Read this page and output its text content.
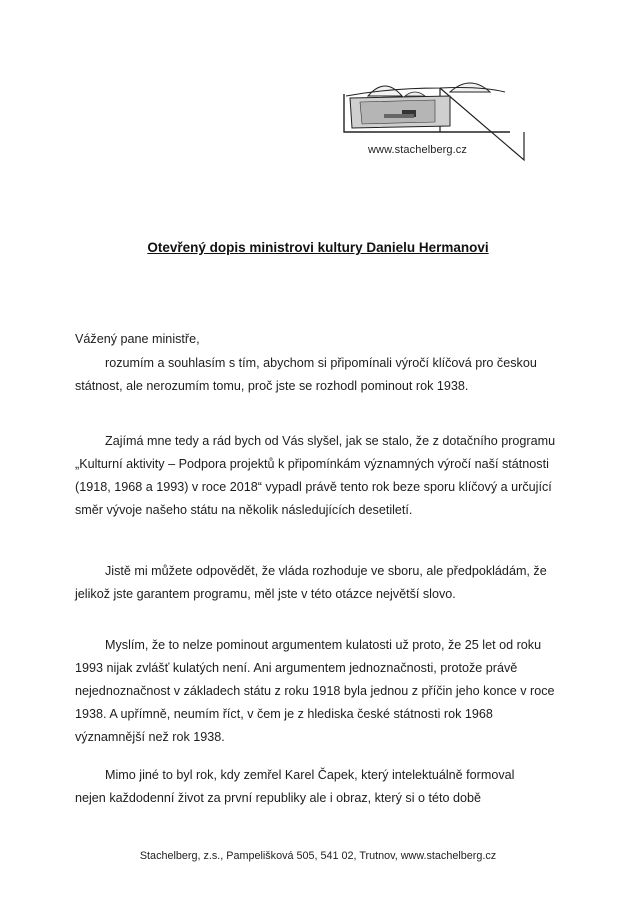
www.stachelberg.cz
Otevřený dopis ministrovi kultury Danielu Hermanovi
Vážený pane ministře,
rozumím a souhlasím s tím, abychom si připomínali výročí klíčová pro českou
státnost, ale nerozumím tomu, proč jste se rozhodl pominout rok 1938.
Zajímá mne tedy a rád bych od Vás slyšel, jak se stalo, že z dotačního programu
„Kulturní aktivity – Podpora projektů k připomínkám významných výročí naší státnosti
(1918, 1968 a 1993) v roce 2018“ vypadl právě tento rok beze sporu klíčový a určující
směr vývoje našeho státu na několik následujících desetiletí.
Jistě mi můžete odpovědět, že vláda rozhoduje ve sboru, ale předpokládám, že
jelikož jste garantem programu, měl jste v této otázce největší slovo.
Myslím, že to nelze pominout argumentem kulatosti už proto, že 25 let od roku
1993 nijak zvlášť kulatých není. Ani argumentem jednoznačnosti, protože právě
nejednoznačnost v základech státu z roku 1918 byla jednou z příčin jeho konce v roce
1938. A upřímně, neumím říct, v čem je z hlediska české státnosti rok 1968
významnější než rok 1938.
Mimo jiné to byl rok, kdy zemřel Karel Čapek, který intelektuálně formoval
nejen každodenní život za první republiky ale i obraz, který si o této době
Stachelberg, z.s., Pampelišková 505, 541 02, Trutnov, www.stachelberg.cz
